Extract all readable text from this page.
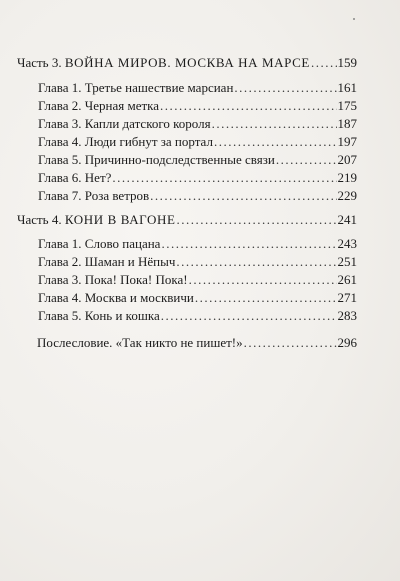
Часть 3. ВОЙНА МИРОВ. МОСКВА НА МАРСЕ ..... 159
Глава 1. Третье нашествие марсиан .....	161
Глава 2. Черная метка .....	175
Глава 3. Капли датского короля .....	187
Глава 4. Люди гибнут за портал .....	197
Глава 5. Причинно-подследственные связи .....	207
Глава 6. Нет? .....	219
Глава 7. Роза ветров .....	229
Часть 4. КОНИ В ВАГОНЕ .....	241
Глава 1. Слово пацана .....	243
Глава 2. Шаман и Нёпыч .....	251
Глава 3. Пока! Пока! Пока! .....	261
Глава 4. Москва и москвичи .....	271
Глава 5. Конь и кошка .....	283
Послесловие. «Так никто не пишет!» .....	296
